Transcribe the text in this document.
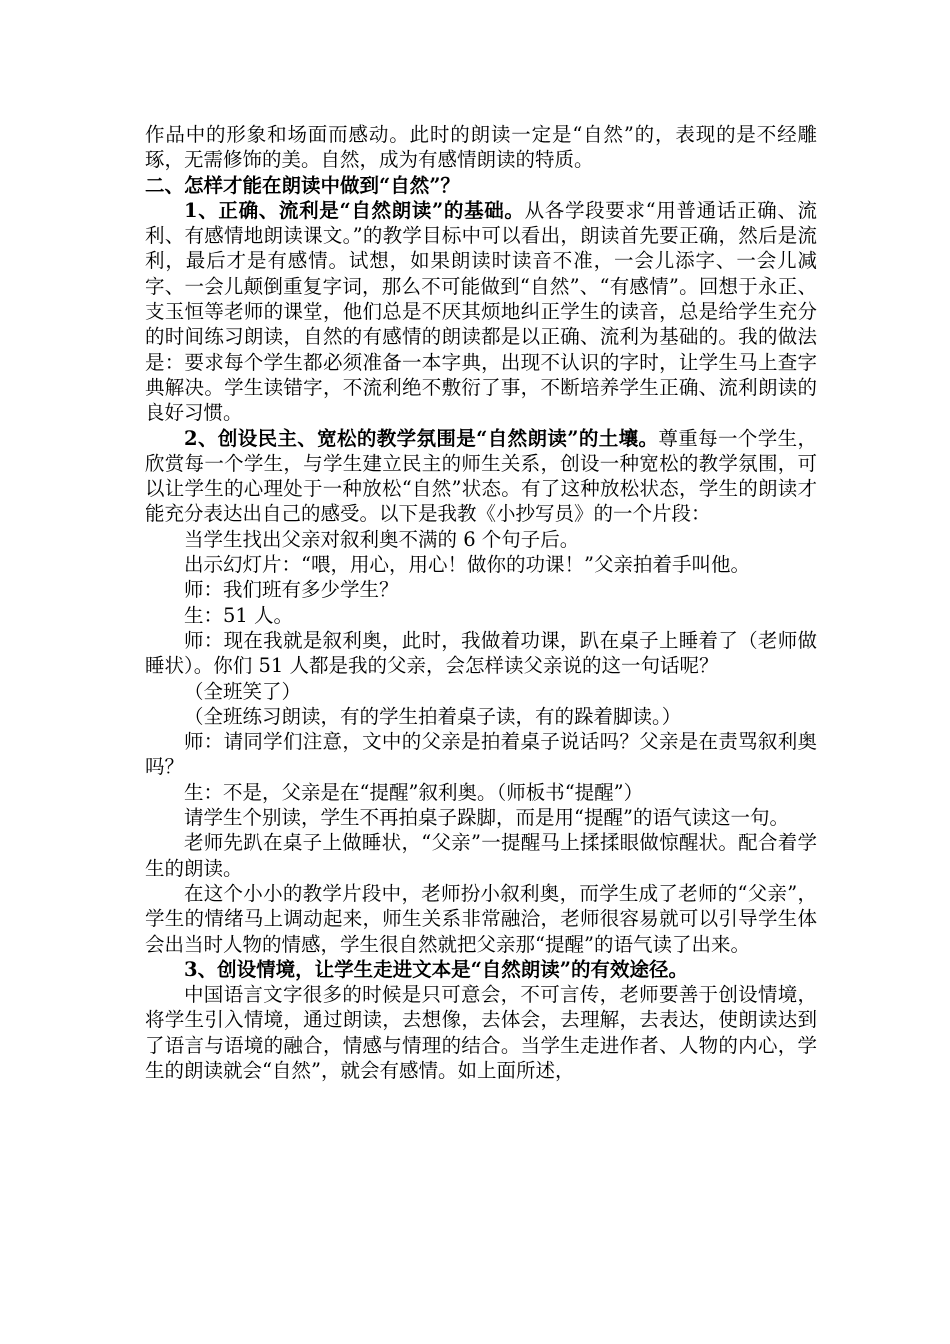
作品中的形象和场面而感动。此时的朗读一定是“自然”的，表现的是不经雕琢，无需修饰的美。自然，成为有感情朗读的特质。

二、怎样才能在朗读中做到“自然”？

1、正确、流利是“自然朗读”的基础。从各学段要求“用普通话正确、流利、有感情地朗读课文。”的教学目标中可以看出，朗读首先要正确，然后是流利，最后才是有感情。试想，如果朗读时读音不准，一会儿添字、一会儿减字、一会儿颠倒重复字词，那么不可能做到“自然”、“有感情”。回想于永正、支玉恒等老师的课堂，他们总是不厌其烦地纠正学生的读音，总是给学生充分的时间练习朗读，自然的有感情的朗读都是以正确、流利为基础的。我的做法是：要求每个学生都必须准备一本字典，出现不认识的字时，让学生马上查字典解决。学生读错字，不流利绝不敷衍了事，不断培养学生正确、流利朗读的良好习惯。

2、创设民主、宽松的教学氛围是“自然朗读”的土壤。尊重每一个学生，欣赏每一个学生，与学生建立民主的师生关系，创设一种宽松的教学氛围，可以让学生的心理处于一种放松“自然”状态。有了这种放松状态，学生的朗读才能充分表达出自己的感受。以下是我教《小抄写员》的一个片段：

当学生找出父亲对叙利奥不满的 6 个句子后。

出示幻灯片：“喂，用心，用心！做你的功课！”父亲拍着手叫他。

师：我们班有多少学生？

生：51 人。

师：现在我就是叙利奥，此时，我做着功课，趴在桌子上睡着了（老师做睡状）。你们 51 人都是我的父亲，会怎样读父亲说的这一句话呢？

（全班笑了）

（全班练习朗读，有的学生拍着桌子读，有的跺着脚读。）

师：请同学们注意，文中的父亲是拍着桌子说话吗？父亲是在责骂叙利奥吗？

生：不是，父亲是在“提醒”叙利奥。（师板书“提醒”）

请学生个别读，学生不再拍桌子跺脚，而是用“提醒”的语气读这一句。

老师先趴在桌子上做睡状，“父亲”一提醒马上揉揉眼做惊醒状。配合着学生的朗读。

在这个小小的教学片段中，老师扮小叙利奥，而学生成了老师的“父亲”，学生的情绪马上调动起来，师生关系非常融洽，老师很容易就可以引导学生体会出当时人物的情感，学生很自然就把父亲那“提醒”的语气读了出来。

3、创设情境，让学生走进文本是“自然朗读”的有效途径。

中国语言文字很多的时候是只可意会，不可言传，老师要善于创设情境，将学生引入情境，通过朗读，去想像，去体会，去理解，去表达，使朗读达到了语言与语境的融合，情感与情理的结合。当学生走进作者、人物的内心，学生的朗读就会“自然”，就会有感情。如上面所述，
